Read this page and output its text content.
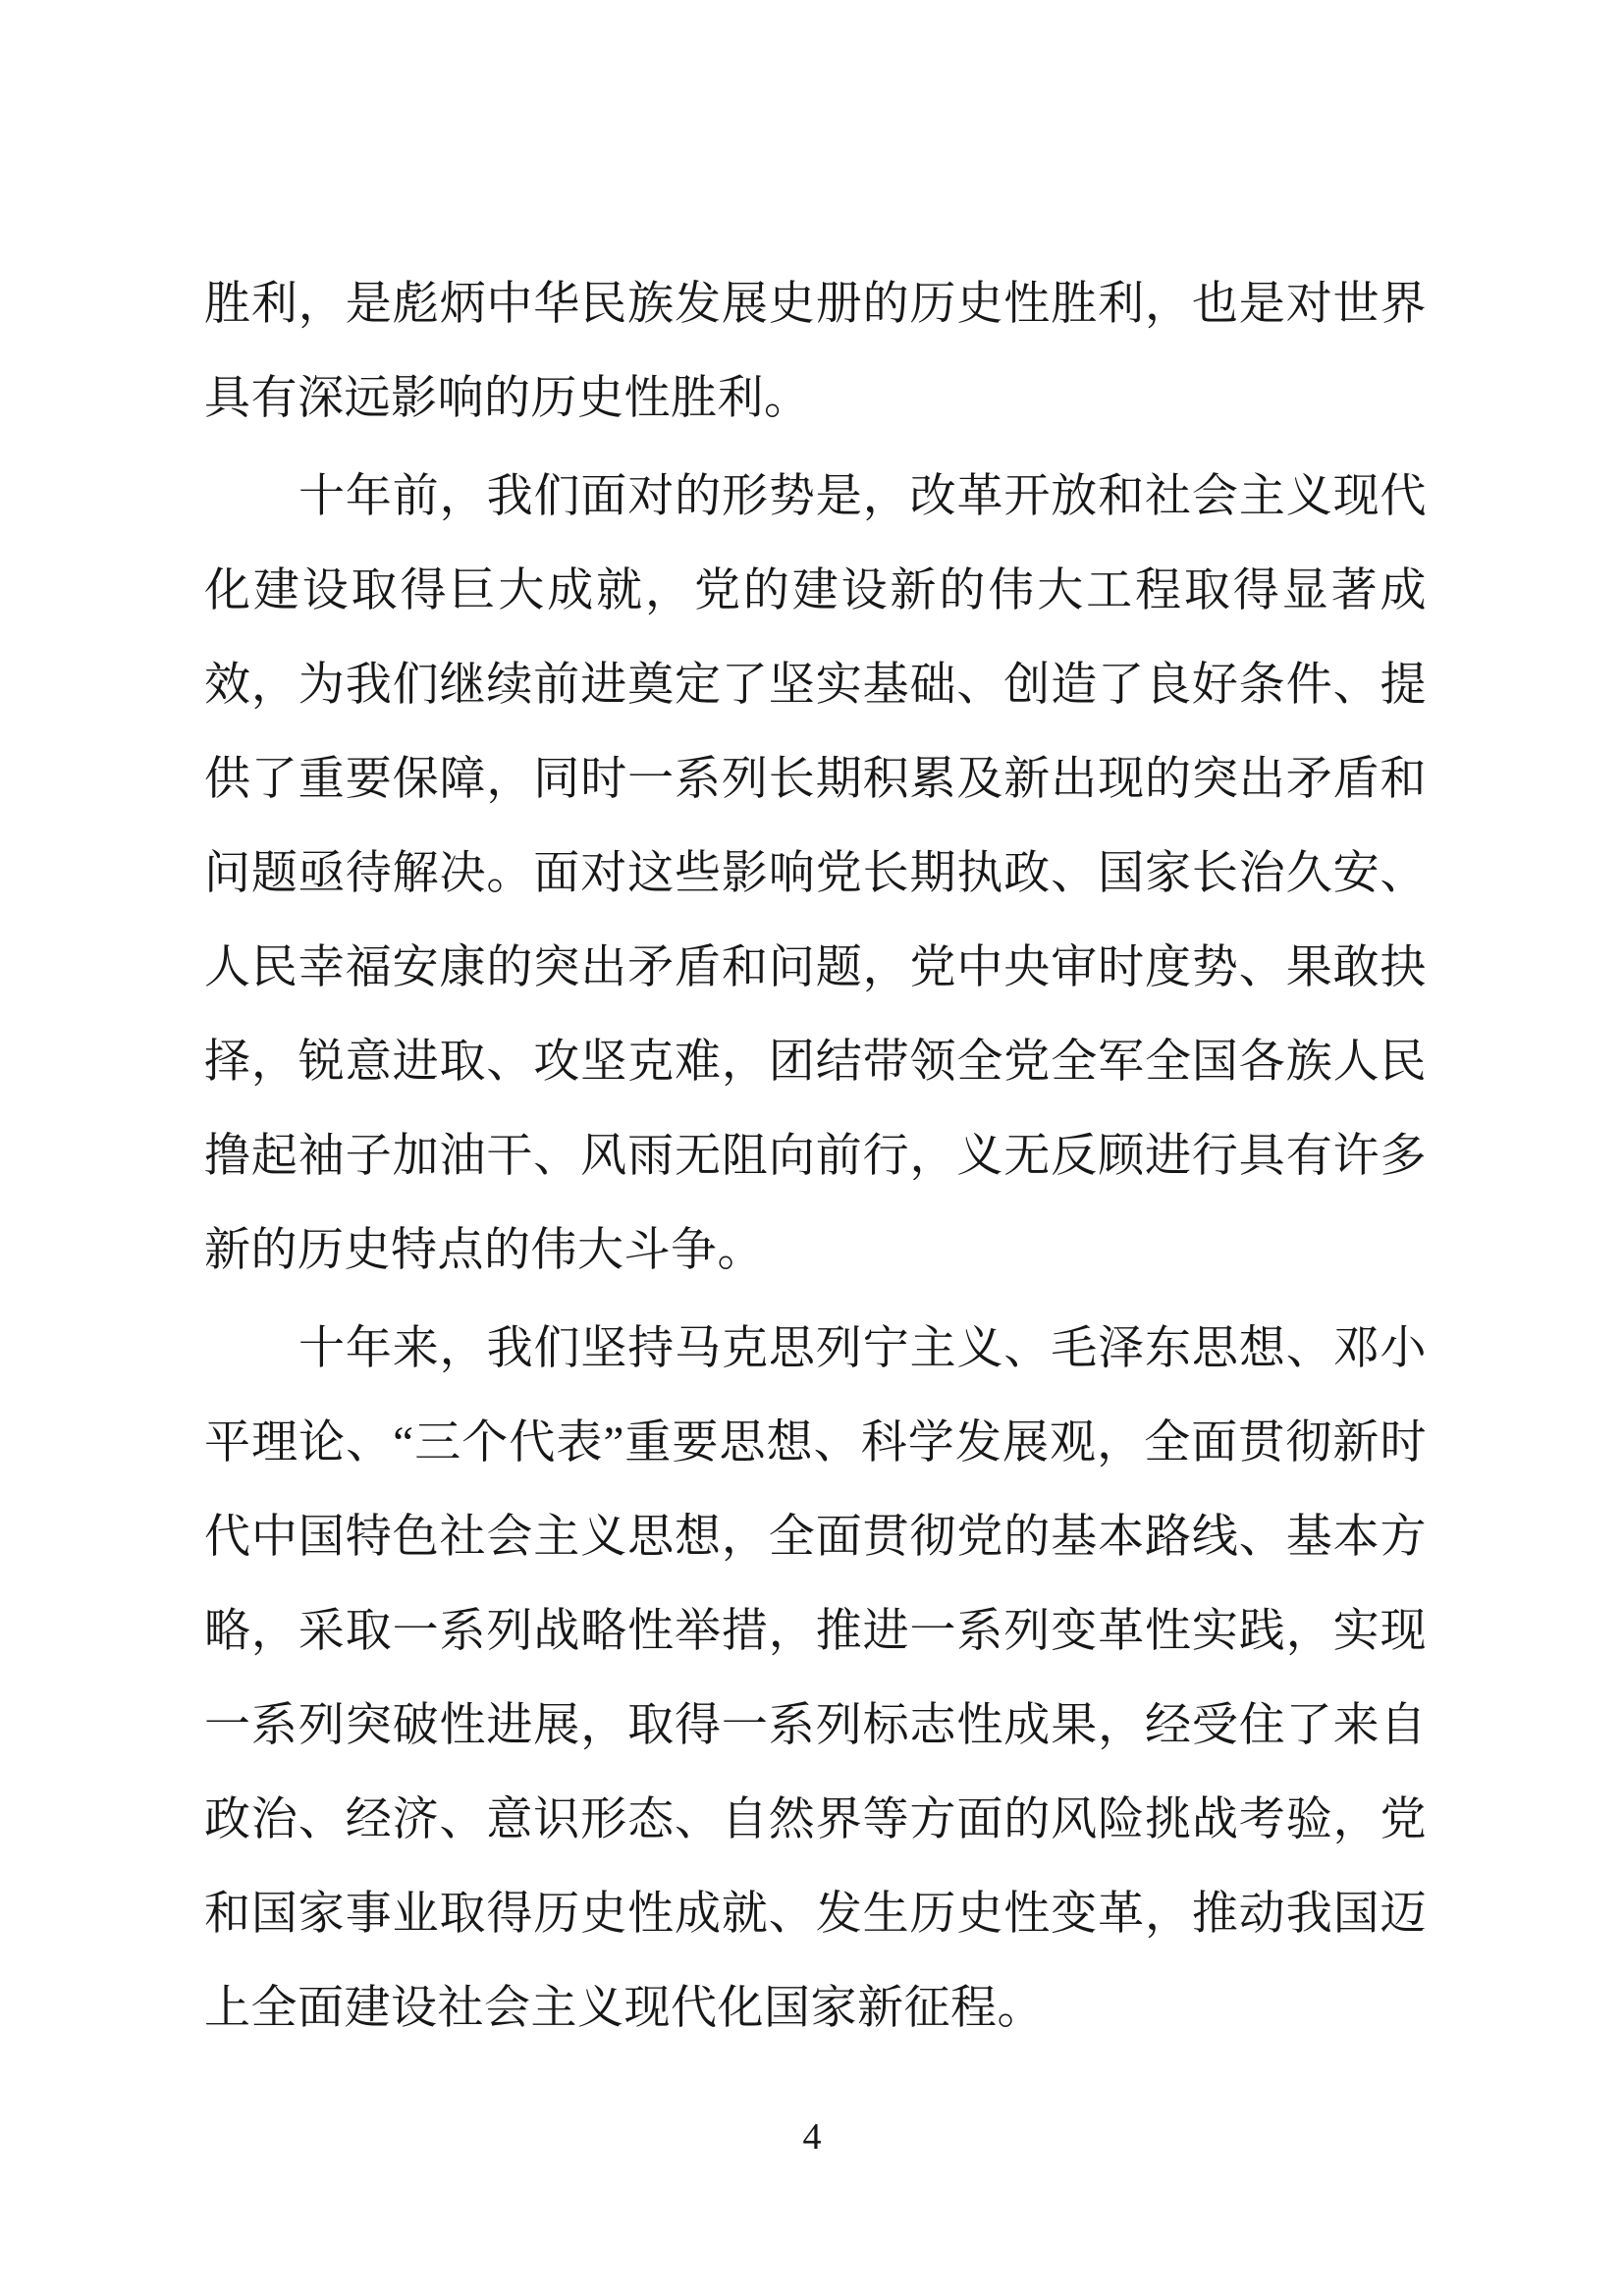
胜利，是彪炳中华民族发展史册的历史性胜利，也是对世界具有深远影响的历史性胜利。

十年前，我们面对的形势是，改革开放和社会主义现代化建设取得巨大成就，党的建设新的伟大工程取得显著成效，为我们继续前进奠定了坚实基础、创造了良好条件、提供了重要保障，同时一系列长期积累及新出现的突出矛盾和问题亟待解决。面对这些影响党长期执政、国家长治久安、人民幸福安康的突出矛盾和问题，党中央审时度势、果敢抉择，锐意进取、攻坚克难，团结带领全党全军全国各族人民撸起袖子加油干、风雨无阻向前行，义无反顾进行具有许多新的历史特点的伟大斗争。

十年来，我们坚持马克思列宁主义、毛泽东思想、邓小平理论、“三个代表”重要思想、科学发展观，全面贯彻新时代中国特色社会主义思想，全面贯彻党的基本路线、基本方略，采取一系列战略性举措，推进一系列变革性实践，实现一系列突破性进展，取得一系列标志性成果，经受住了来自政治、经济、意识形态、自然界等方面的风险挑战考验，党和国家事业取得历史性成就、发生历史性变革，推动我国迈上全面建设社会主义现代化国家新征程。

4
